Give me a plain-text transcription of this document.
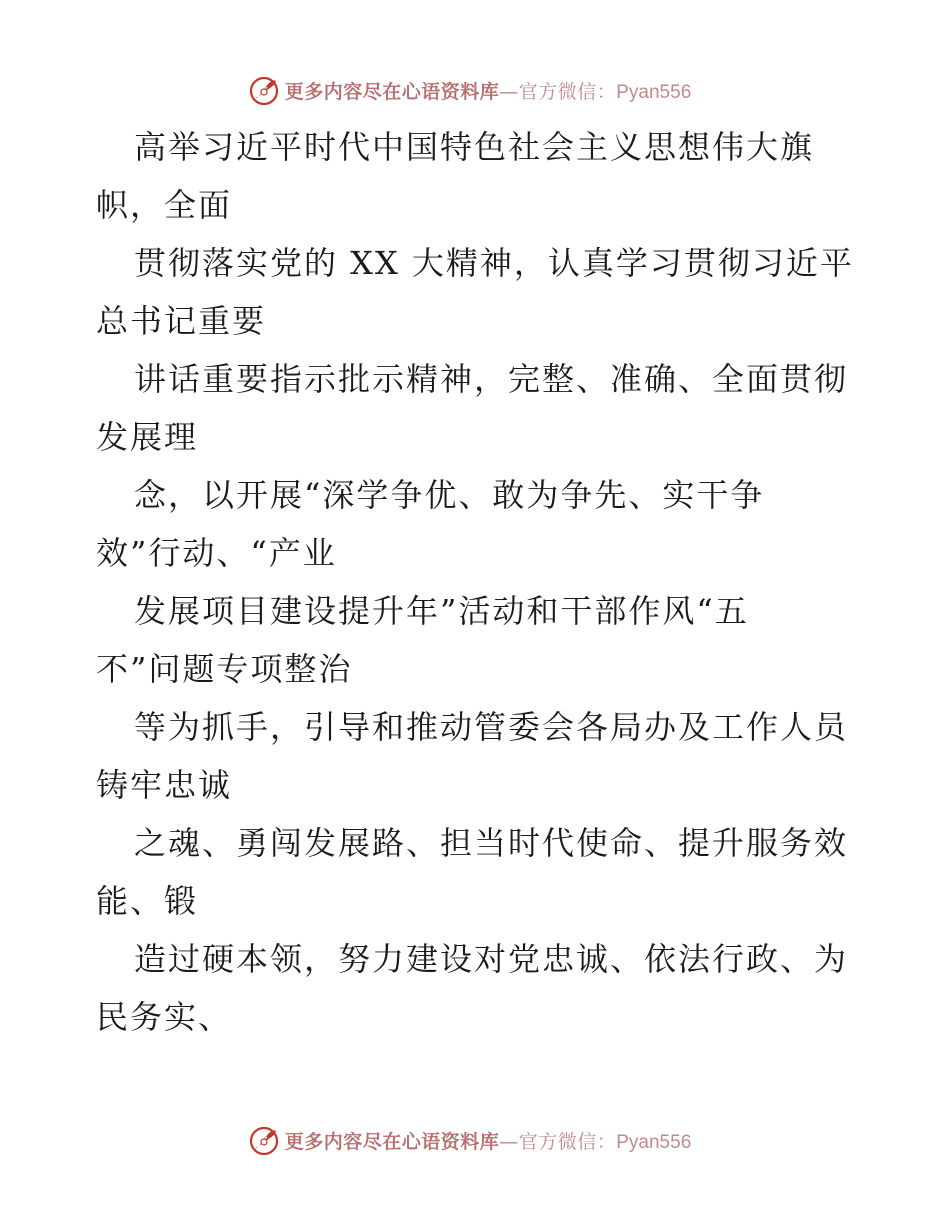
更多内容尽在心语资料库—官方微信：Pyan556

高举习近平时代中国特色社会主义思想伟大旗
帜，全面

贯彻落实党的 XX 大精神，认真学习贯彻习近平
总书记重要

讲话重要指示批示精神，完整、准确、全面贯彻
发展理

念，以开展“深学争优、敢为争先、实干争
效”行动、“产业

发展项目建设提升年”活动和干部作风“五
不”问题专项整治

等为抓手，引导和推动管委会各局办及工作人员
铸牢忠诚

之魂、勇闯发展路、担当时代使命、提升服务效
能、锻

造过硬本领，努力建设对党忠诚、依法行政、为
民务实、

更多内容尽在心语资料库—官方微信：Pyan556
